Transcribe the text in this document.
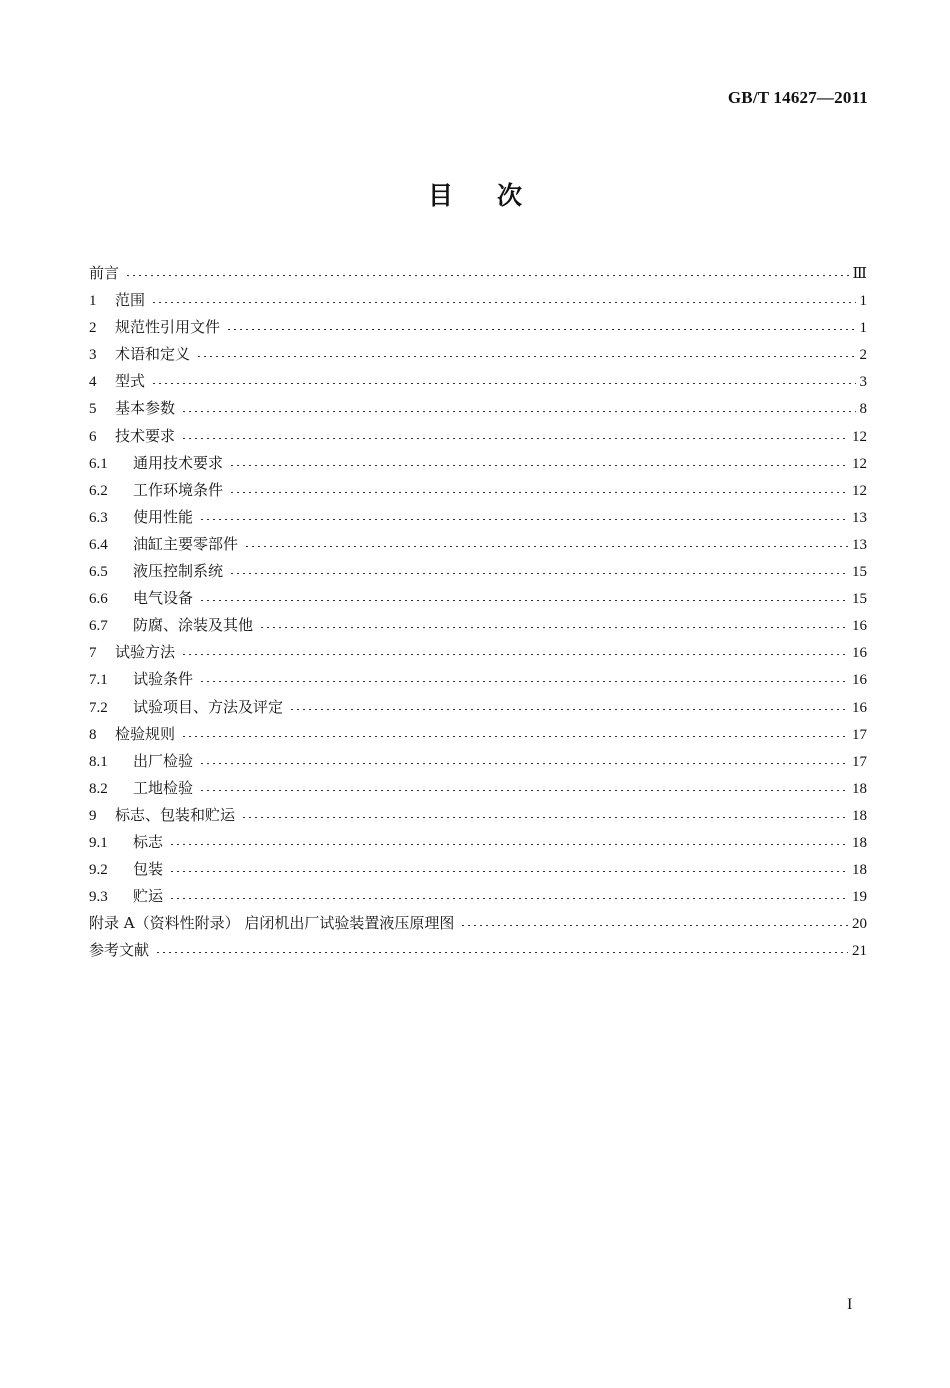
GB/T 14627—2011
目次
前言	Ⅲ
1	范围	1
2	规范性引用文件	1
3	术语和定义	2
4	型式	3
5	基本参数	8
6	技术要求	12
6.1	通用技术要求	12
6.2	工作环境条件	12
6.3	使用性能	13
6.4	油缸主要零部件	13
6.5	液压控制系统	15
6.6	电气设备	15
6.7	防腐、涂装及其他	16
7	试验方法	16
7.1	试验条件	16
7.2	试验项目、方法及评定	16
8	检验规则	17
8.1	出厂检验	17
8.2	工地检验	18
9	标志、包装和贮运	18
9.1	标志	18
9.2	包装	18
9.3	贮运	19
附录 A（资料性附录） 启闭机出厂试验装置液压原理图	20
参考文献	21
I
